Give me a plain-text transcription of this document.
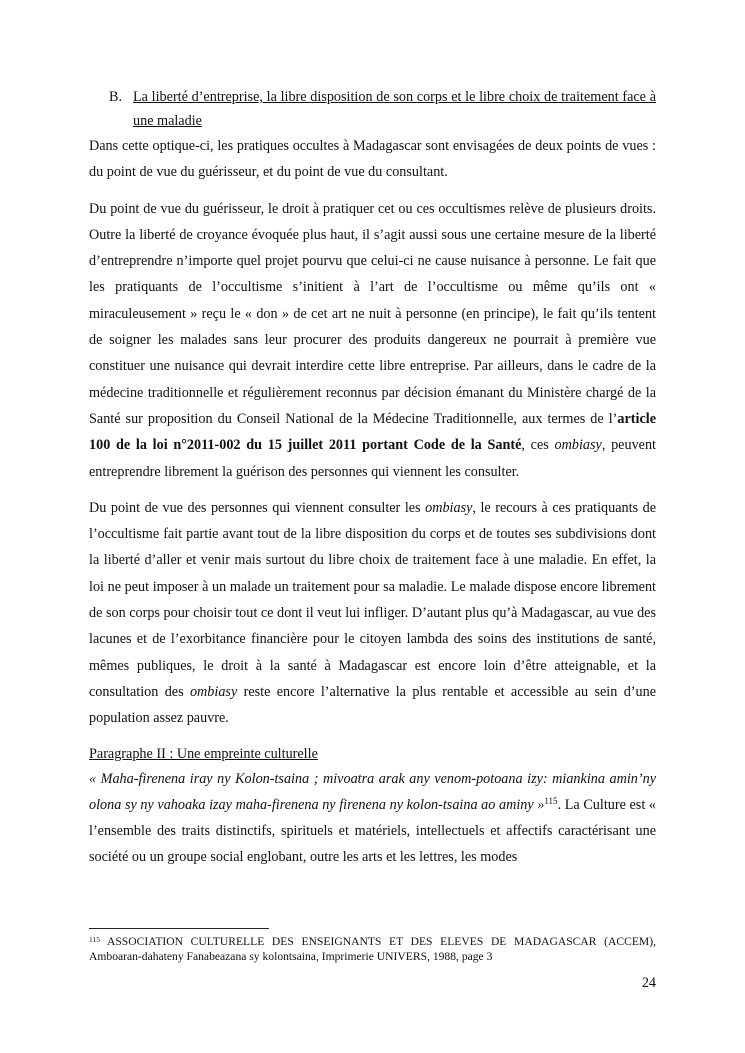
B. La liberté d’entreprise, la libre disposition de son corps et le libre choix de traitement face à une maladie

Dans cette optique-ci, les pratiques occultes à Madagascar sont envisagées de deux points de vues : du point de vue du guérisseur, et du point de vue du consultant.

Du point de vue du guérisseur, le droit à pratiquer cet ou ces occultismes relève de plusieurs droits. Outre la liberté de croyance évoquée plus haut, il s’agit aussi sous une certaine mesure de la liberté d’entreprendre n’importe quel projet pourvu que celui-ci ne cause nuisance à personne. Le fait que les pratiquants de l’occultisme s’initient à l’art de l’occultisme ou même qu’ils ont « miraculeusement » reçu le « don » de cet art ne nuit à personne (en principe), le fait qu’ils tentent de soigner les malades sans leur procurer des produits dangereux ne pourrait à première vue constituer une nuisance qui devrait interdire cette libre entreprise. Par ailleurs, dans le cadre de la médecine traditionnelle et régulièrement reconnus par décision émanant du Ministère chargé de la Santé sur proposition du Conseil National de la Médecine Traditionnelle, aux termes de l’article 100 de la loi n°2011-002 du 15 juillet 2011 portant Code de la Santé, ces ombiasy, peuvent entreprendre librement la guérison des personnes qui viennent les consulter.

Du point de vue des personnes qui viennent consulter les ombiasy, le recours à ces pratiquants de l’occultisme fait partie avant tout de la libre disposition du corps et de toutes ses subdivisions dont la liberté d’aller et venir mais surtout du libre choix de traitement face à une maladie. En effet, la loi ne peut imposer à un malade un traitement pour sa maladie. Le malade dispose encore librement de son corps pour choisir tout ce dont il veut lui infliger. D’autant plus qu’à Madagascar, au vue des lacunes et de l’exorbitance financière pour le citoyen lambda des soins des institutions de santé, mêmes publiques, le droit à la santé à Madagascar est encore loin d’être atteignable, et la consultation des ombiasy reste encore l’alternative la plus rentable et accessible au sein d’une population assez pauvre.

Paragraphe II : Une empreinte culturelle

« Maha-firenena iray ny Kolon-tsaina ; mivoatra arak any venom-potoana izy: miankina amin’ny olona sy ny vahoaka izay maha-firenena ny firenena ny kolon-tsaina ao aminy »$^{115}$. La Culture est « l’ensemble des traits distinctifs, spirituels et matériels, intellectuels et affectifs caractérisant une société ou un groupe social englobant, outre les arts et les lettres, les modes

$^{115}$ ASSOCIATION CULTURELLE DES ENSEIGNANTS ET DES ELEVES DE MADAGASCAR (ACCEM), Amboaran-dahateny Fanabeazana sy kolontsaina, Imprimerie UNIVERS, 1988, page 3
24
